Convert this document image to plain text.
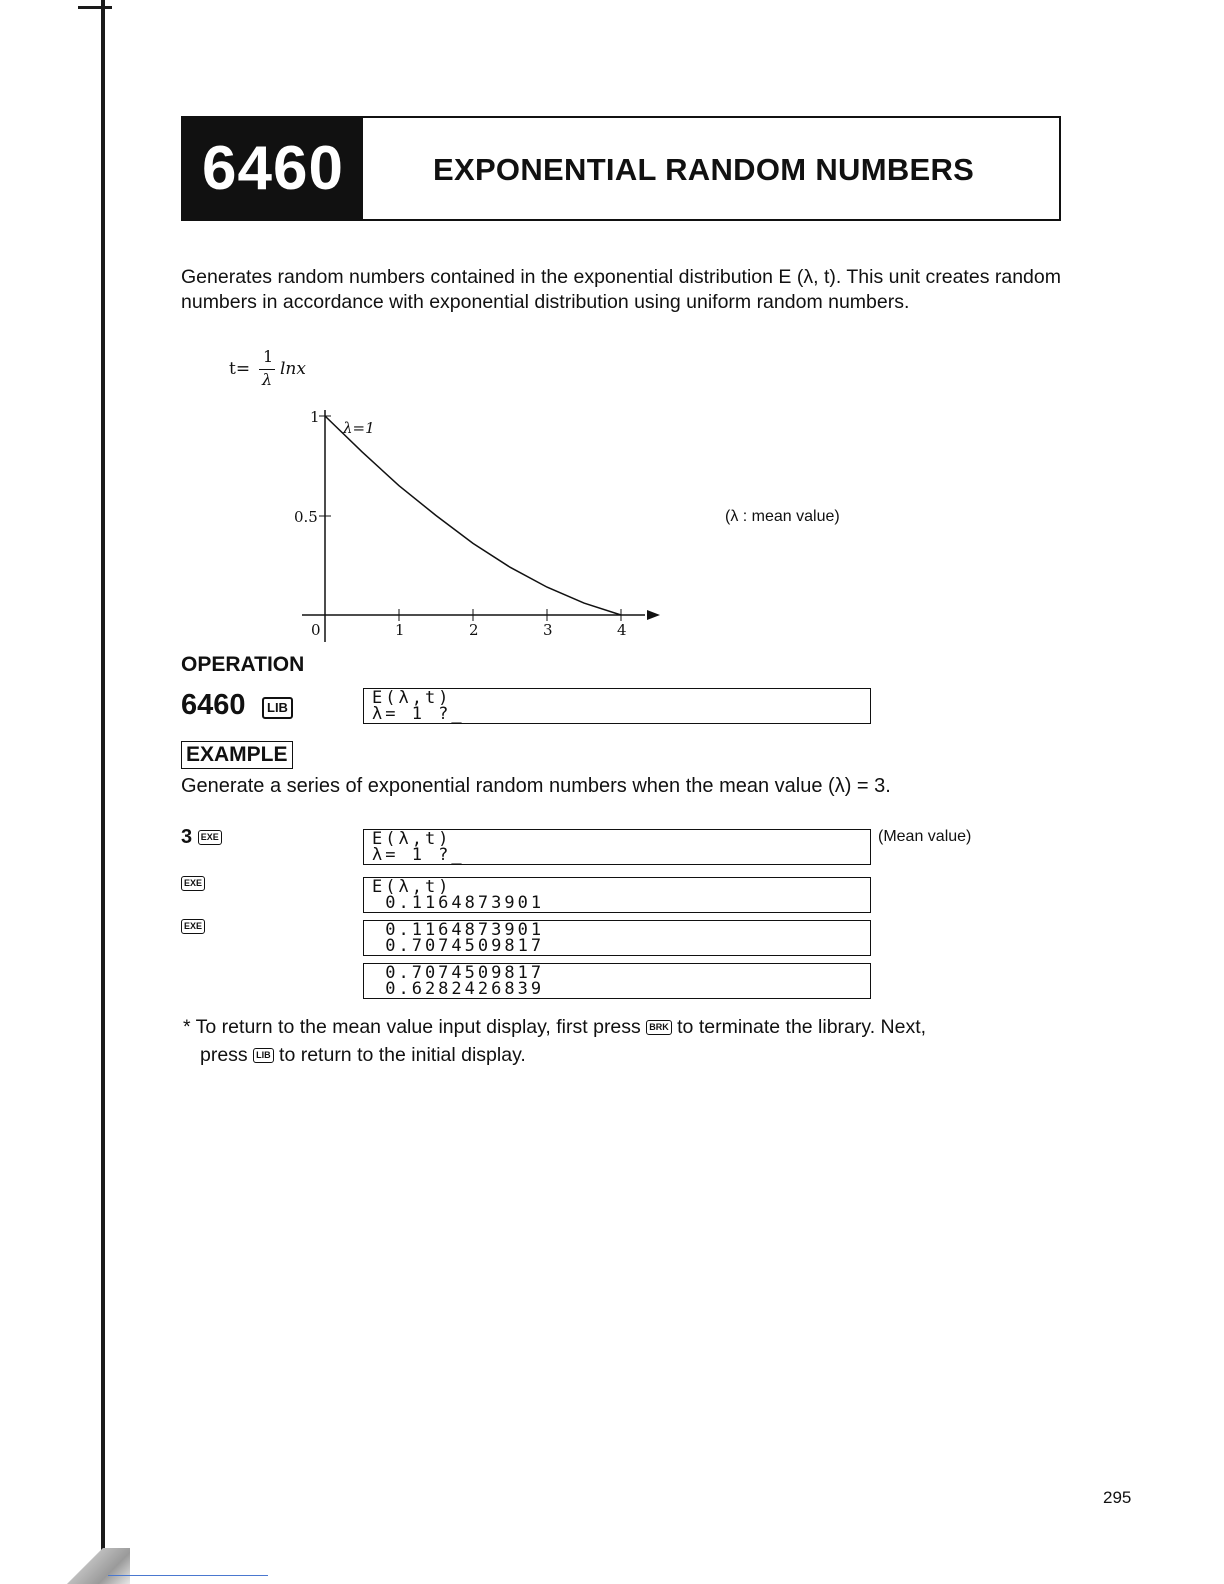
6460	EXPONENTIAL RANDOM NUMBERS
Generates random numbers contained in the exponential distribution E (λ, t). This unit creates random numbers in accordance with exponential distribution using uniform random numbers.
t=
1
λ
lnx
1
0.5
0	1	2	3	4
λ=1
(λ : mean value)
OPERATION
6460	LIB	E(λ,t)
λ= 1 ?_
EXAMPLE
Generate a series of exponential random numbers when the mean value (λ) = 3.
3 EXE
EXE
EXE
E(λ,t)
λ= 1 ?_
(Mean value)
E(λ,t)
0.1164873901
0.1164873901
0.7074509817
0.7074509817
0.6282426839
* To return to the mean value input display, first press BRK to terminate the library. Next,
press LIB to return to the initial display.
295
